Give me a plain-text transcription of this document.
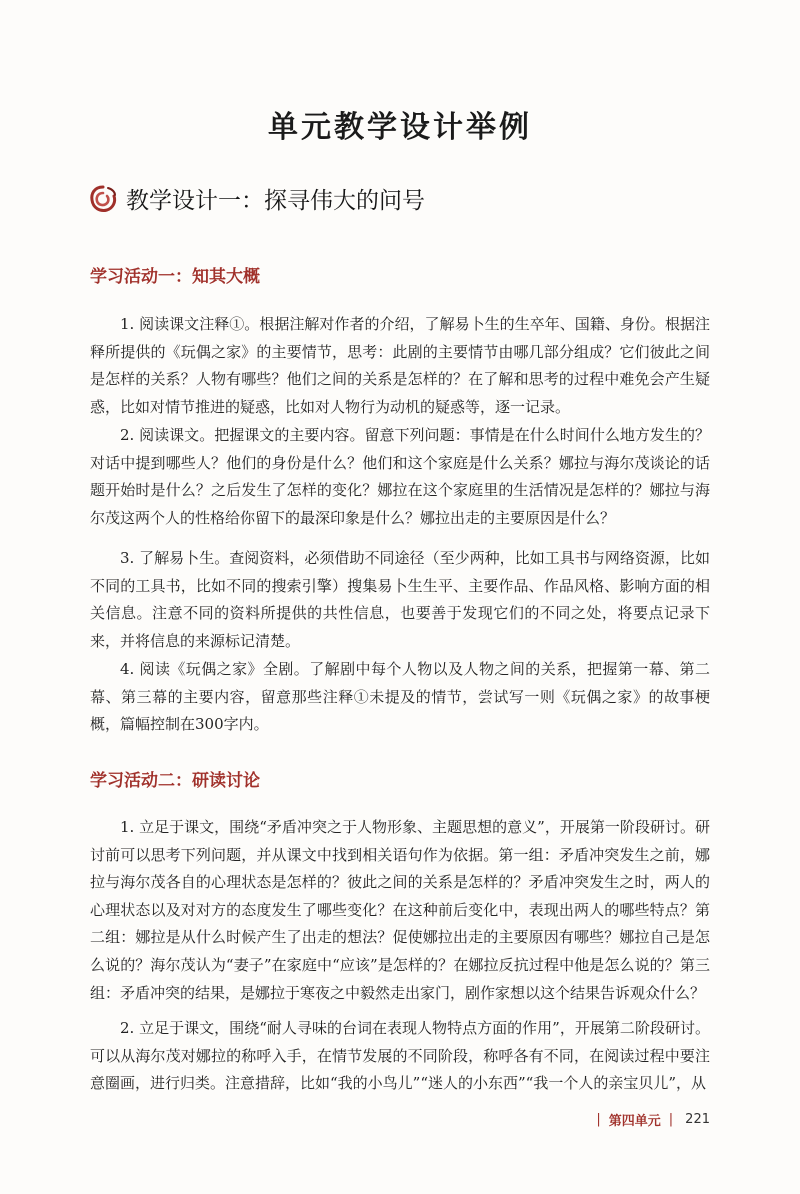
单元教学设计举例
教学设计一：探寻伟大的问号
学习活动一：知其大概

1. 阅读课文注释①。根据注解对作者的介绍，了解易卜生的生卒年、国籍、身份。根据注释所提供的《玩偶之家》的主要情节，思考：此剧的主要情节由哪几部分组成？它们彼此之间是怎样的关系？人物有哪些？他们之间的关系是怎样的？在了解和思考的过程中难免会产生疑惑，比如对情节推进的疑惑，比如对人物行为动机的疑惑等，逐一记录。

2. 阅读课文。把握课文的主要内容。留意下列问题：事情是在什么时间什么地方发生的？对话中提到哪些人？他们的身份是什么？他们和这个家庭是什么关系？娜拉与海尔茂谈论的话题开始时是什么？之后发生了怎样的变化？娜拉在这个家庭里的生活情况是怎样的？娜拉与海尔茂这两个人的性格给你留下的最深印象是什么？娜拉出走的主要原因是什么？

3. 了解易卜生。查阅资料，必须借助不同途径（至少两种，比如工具书与网络资源，比如不同的工具书，比如不同的搜索引擎）搜集易卜生生平、主要作品、作品风格、影响方面的相关信息。注意不同的资料所提供的共性信息，也要善于发现它们的不同之处，将要点记录下来，并将信息的来源标记清楚。

4. 阅读《玩偶之家》全剧。了解剧中每个人物以及人物之间的关系，把握第一幕、第二幕、第三幕的主要内容，留意那些注释①未提及的情节，尝试写一则《玩偶之家》的故事梗概，篇幅控制在300字内。

学习活动二：研读讨论

1. 立足于课文，围绕“矛盾冲突之于人物形象、主题思想的意义”，开展第一阶段研讨。研讨前可以思考下列问题，并从课文中找到相关语句作为依据。第一组：矛盾冲突发生之前，娜拉与海尔茂各自的心理状态是怎样的？彼此之间的关系是怎样的？矛盾冲突发生之时，两人的心理状态以及对对方的态度发生了哪些变化？在这种前后变化中，表现出两人的哪些特点？第二组：娜拉是从什么时候产生了出走的想法？促使娜拉出走的主要原因有哪些？娜拉自己是怎么说的？海尔茂认为“妻子”在家庭中“应该”是怎样的？在娜拉反抗过程中他是怎么说的？第三组：矛盾冲突的结果，是娜拉于寒夜之中毅然走出家门，剧作家想以这个结果告诉观众什么？

2. 立足于课文，围绕“耐人寻味的台词在表现人物特点方面的作用”，开展第二阶段研讨。可以从海尔茂对娜拉的称呼入手，在情节发展的不同阶段，称呼各有不同，在阅读过程中要注意圈画，进行归类。注意措辞，比如“我的小鸟儿”“迷人的小东西”“我一个人的亲宝贝儿”，从

| 第四单元 | 221
